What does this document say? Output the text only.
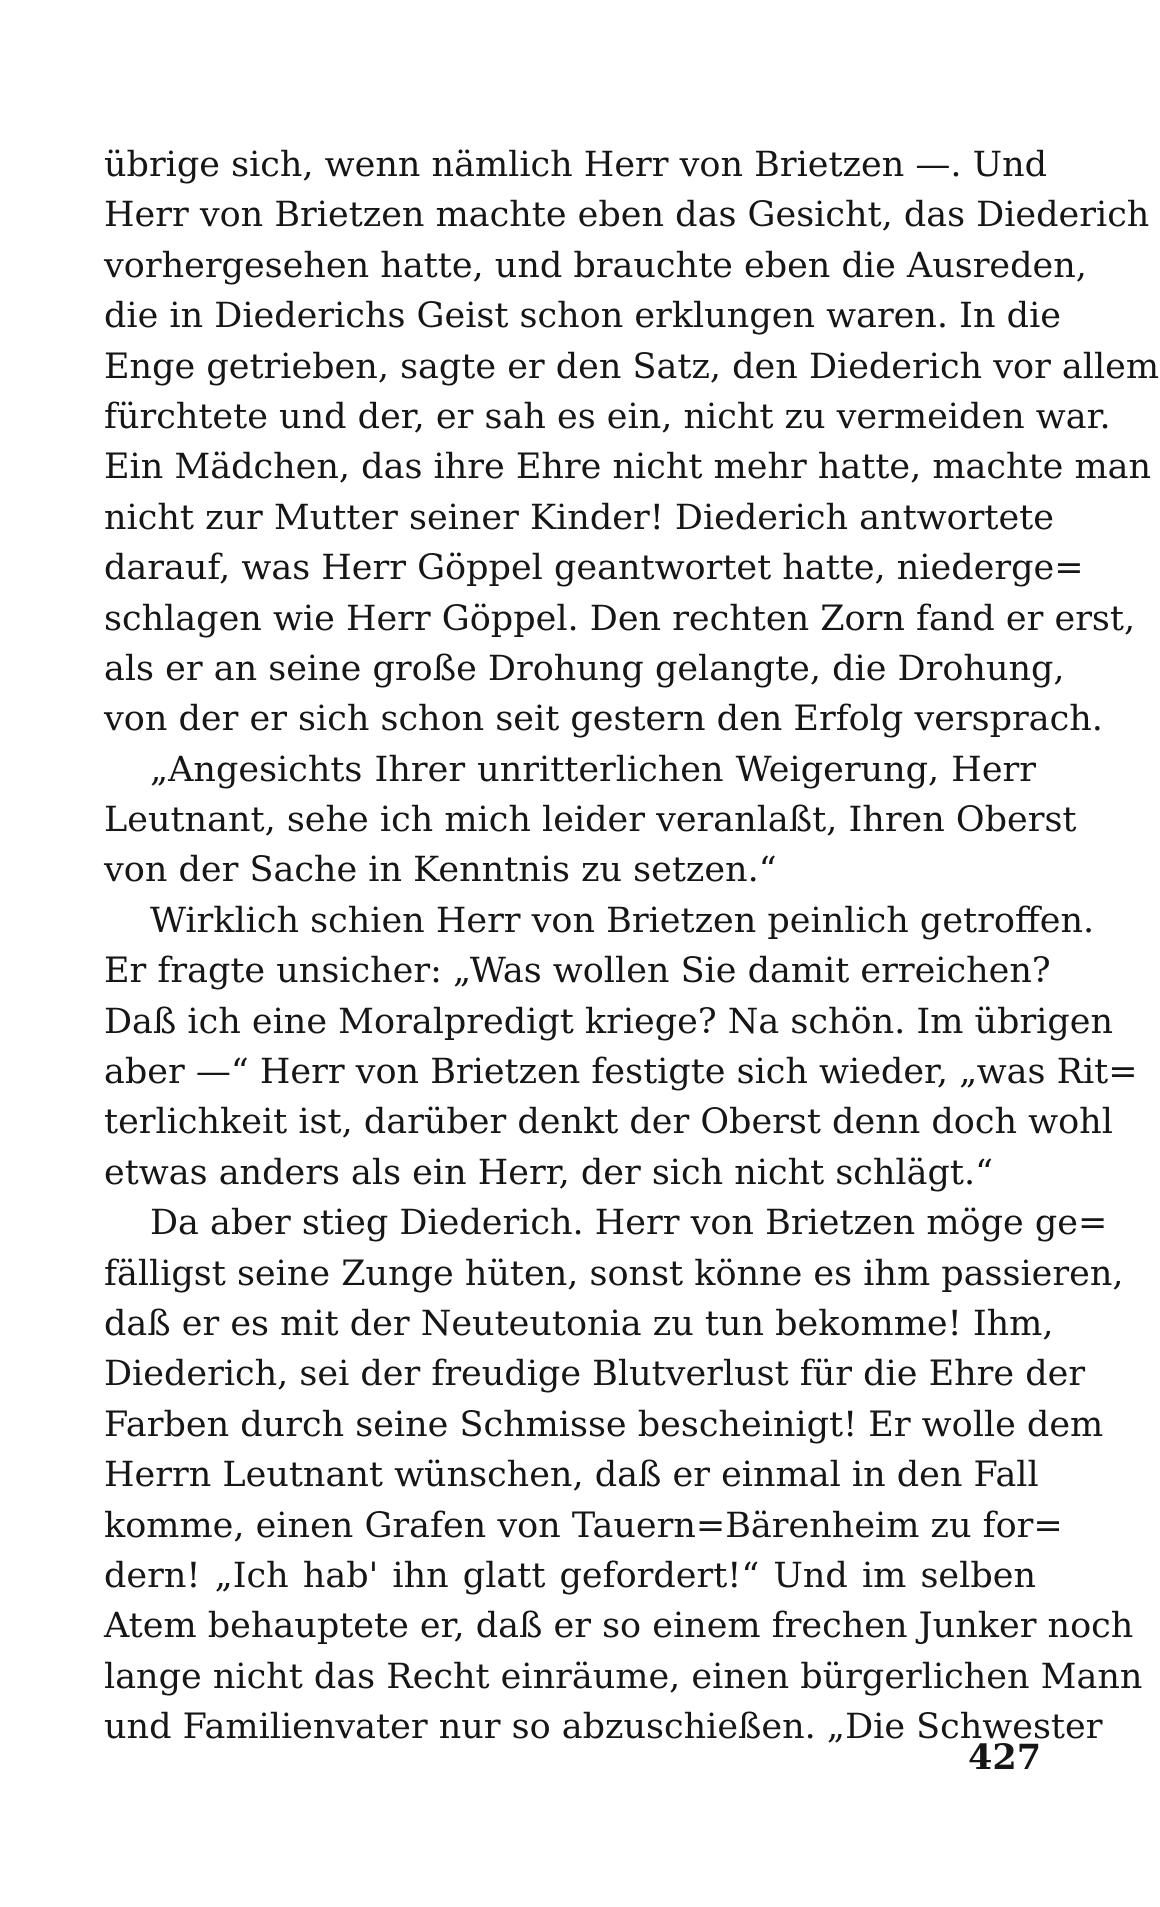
übrige sich, wenn nämlich Herr von Brietzen —. Und
Herr von Brietzen machte eben das Gesicht, das Diederich
vorhergesehen hatte, und brauchte eben die Ausreden,
die in Diederichs Geist schon erklungen waren. In die
Enge getrieben, sagte er den Satz, den Diederich vor allem
fürchtete und der, er sah es ein, nicht zu vermeiden war.
Ein Mädchen, das ihre Ehre nicht mehr hatte, machte man
nicht zur Mutter seiner Kinder! Diederich antwortete
darauf, was Herr Göppel geantwortet hatte, niederge=
schlagen wie Herr Göppel. Den rechten Zorn fand er erst,
als er an seine große Drohung gelangte, die Drohung,
von der er sich schon seit gestern den Erfolg versprach.
„Angesichts Ihrer unritterlichen Weigerung, Herr
Leutnant, sehe ich mich leider veranlaßt, Ihren Oberst
von der Sache in Kenntnis zu setzen.“
Wirklich schien Herr von Brietzen peinlich getroffen.
Er fragte unsicher: „Was wollen Sie damit erreichen?
Daß ich eine Moralpredigt kriege? Na schön. Im übrigen
aber —“ Herr von Brietzen festigte sich wieder, „was Rit=
terlichkeit ist, darüber denkt der Oberst denn doch wohl
etwas anders als ein Herr, der sich nicht schlägt.“
Da aber stieg Diederich. Herr von Brietzen möge ge=
fälligst seine Zunge hüten, sonst könne es ihm passieren,
daß er es mit der Neuteutonia zu tun bekomme! Ihm,
Diederich, sei der freudige Blutverlust für die Ehre der
Farben durch seine Schmisse bescheinigt! Er wolle dem
Herrn Leutnant wünschen, daß er einmal in den Fall
komme, einen Grafen von Tauern=Bärenheim zu for=
dern! „Ich hab' ihn glatt gefordert!“ Und im selben
Atem behauptete er, daß er so einem frechen Junker noch
lange nicht das Recht einräume, einen bürgerlichen Mann
und Familienvater nur so abzuschießen. „Die Schwester
427
